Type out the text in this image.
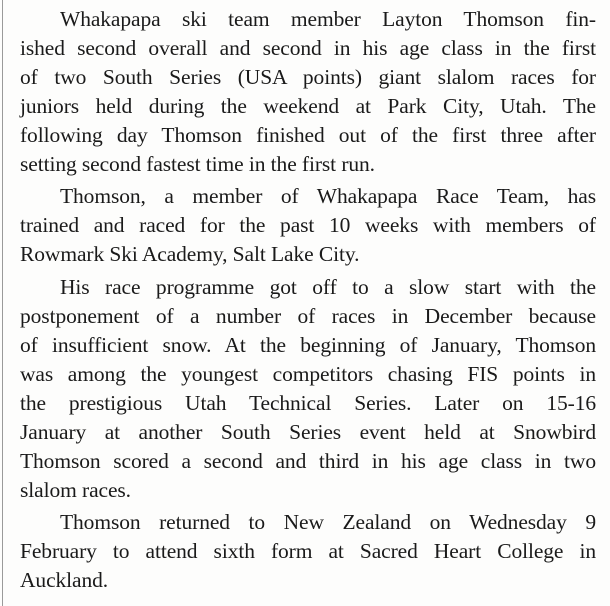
Whakapapa ski team member Layton Thomson fin-
ished second overall and second in his age class in the first
of two South Series (USA points) giant slalom races for
juniors held during the weekend at Park City, Utah. The
following day Thomson finished out of the first three after
setting second fastest time in the first run.

Thomson, a member of Whakapapa Race Team, has
trained and raced for the past 10 weeks with members of
Rowmark Ski Academy, Salt Lake City.

His race programme got off to a slow start with the
postponement of a number of races in December because
of insufficient snow. At the beginning of January, Thomson
was among the youngest competitors chasing FIS points in
the prestigious Utah Technical Series. Later on 15-16
January at another South Series event held at Snowbird
Thomson scored a second and third in his age class in two
slalom races.

Thomson returned to New Zealand on Wednesday 9
February to attend sixth form at Sacred Heart College in
Auckland.
